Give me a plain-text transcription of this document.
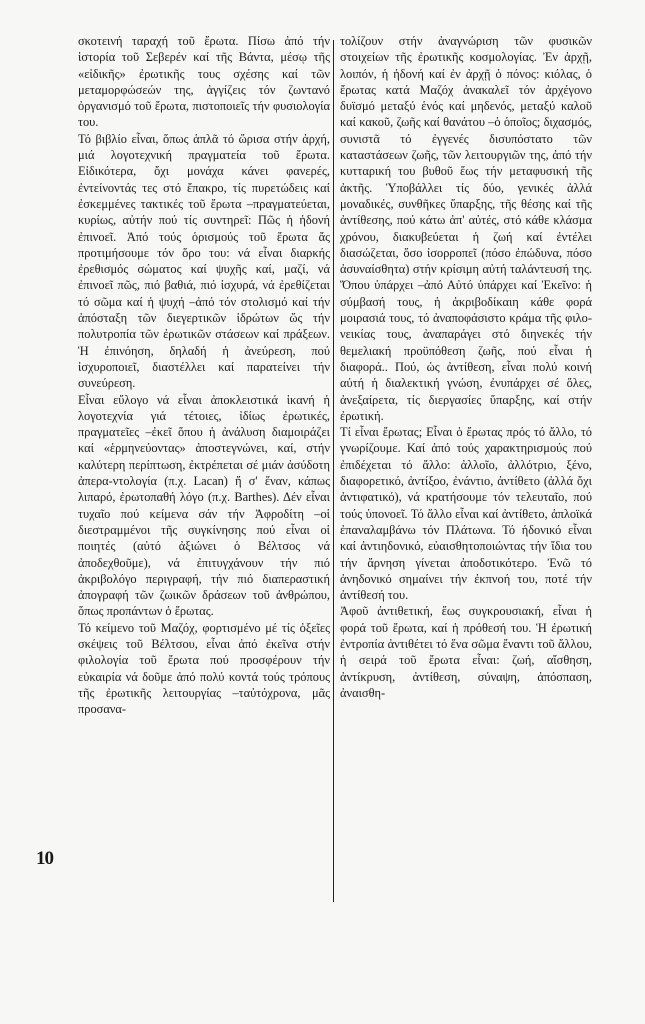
σκοτεινή ταραχή τοῦ ἔρωτα. Πίσω ἀπό τήν ἱστορία τοῦ Σεβερέν καί τῆς Βάντα, μέσῳ τῆς «εἰδικῆς» ἐρωτικῆς τους σχέσης καί τῶν μεταμορφώσεών της, ἀγγίζεις τόν ζωντανό ὀργανισμό τοῦ ἔρωτα, πιστοποιεῖς τήν φυσιολογία του.

Τό βιβλίο εἶναι, ὅπως ἁπλᾶ τό ὥρισα στήν ἀρχή, μιά λογοτεχνική πραγματεία τοῦ ἔρωτα. Εἰδικότερα, ὄχι μονάχα κάνει φανερές, ἐντείνοντάς τες στό ἔπακρο, τίς πυρετώδεις καί ἐσκεμμένες τακτικές τοῦ ἔρωτα –πραγματεύεται, κυρίως, αὐτήν πού τίς συντηρεῖ: Πῶς ἡ ἡδονή ἐπινοεῖ. Ἀπό τούς ὁρισμούς τοῦ ἔρωτα ἄς προτιμήσουμε τόν ὅρο του: νά εἶναι διαρκής ἐρεθισμός σώματος καί ψυχῆς καί, μαζί, νά ἐπινοεῖ πῶς, πιό βαθιά, πιό ἰσχυρά, νά ἐρεθίζεται τό σῶμα καί ἡ ψυχή –ἀπό τόν στολισμό καί τήν ἀπόσταξη τῶν διεγερτικῶν ἱδρώτων ὥς τήν πολυτροπία τῶν ἐρωτικῶν στάσεων καί πράξεων. Ἡ ἐπινόηση, δηλαδή ἡ ἀνεύρεση, πού ἰσχυροποιεῖ, διαστέλλει καί παρατείνει τήν συνεύρεση.

Εἶναι εὔλογο νά εἶναι ἀποκλειστικά ἱκανή ἡ λογοτεχνία γιά τέτοιες, ἰδίως ἐρωτικές, πραγματεῖες –ἐκεῖ ὅπου ἡ ἀνάλυση διαμοιράζει καί «ἑρμηνεύοντας» ἀποστεγνώνει, καί, στήν καλύτερη περίπτωση, ἐκτρέπεται σέ μιάν ἀσύδοτη ἀπερα-ντολογία (π.χ. Lacan) ἤ σ' ἕναν, κάπως λιπαρό, ἐρωτοπαθή λόγο (π.χ. Barthes). Δέν εἶναι τυχαῖο πού κείμενα σάν τήν Ἀφροδίτη –οἱ διεστραμμένοι τῆς συγκίνησης πού εἶναι οἱ ποιητές (αὐτό ἀξιώνει ὁ Βέλτσος νά ἀποδεχθοῦμε), νά ἐπιτυγχάνουν τήν πιό ἀκριβολόγο περιγραφή, τήν πιό διαπεραστική ἀπογραφή τῶν ζωικῶν δράσεων τοῦ ἀνθρώπου, ὅπως προπάντων ὁ ἔρωτας.

Τό κείμενο τοῦ Μαζόχ, φορτισμένο μέ τίς ὀξεῖες σκέψεις τοῦ Βέλτσου, εἶναι ἀπό ἐκεῖνα στήν φιλολογία τοῦ ἔρωτα πού προσφέρουν τήν εὐκαιρία νά δοῦμε ἀπό πολύ κοντά τούς τρόπους τῆς ἐρωτικῆς λειτουργίας –ταὐτόχρονα, μᾶς προσανα-

τολίζουν στήν ἀναγνώριση τῶν φυσικῶν στοιχείων τῆς ἐρωτικῆς κοσμολογίας. Ἐν ἀρχῇ, λοιπόν, ἡ ἡδονή καί ἐν ἀρχῇ ὁ πόνος: κιόλας, ὁ ἔρωτας κατά Μαζόχ ἀνακαλεῖ τόν ἀρχέγονο δυϊσμό μεταξύ ἑνός καί μηδενός, μεταξύ καλοῦ καί κακοῦ, ζωῆς καί θανάτου –ὁ ὁποῖος; διχασμός, συνιστᾶ τό ἐγγενές δισυπόστατο τῶν καταστάσεων ζωῆς, τῶν λειτουργιῶν της, ἀπό τήν κυτταρική του βυθοῦ ἕως τήν μεταφυσική τῆς ἀκτῆς. Ὑποβάλλει τίς δύο, γενικές ἀλλά μοναδικές, συνθῆκες ὕπαρξης, τῆς θέσης καί τῆς ἀντίθεσης, πού κάτω ἀπ' αὐτές, στό κάθε κλάσμα χρόνου, διακυβεύεται ἡ ζωή καί ἐντέλει διασώζεται, ὅσο ἰσορροπεῖ (πόσο ἐπώδυνα, πόσο ἀσυναίσθητα) στήν κρίσιμη αὐτή ταλάντευσή της. Ὅπου ὑπάρχει –ἀπό Αὐτό ὑπάρχει καί Ἐκεῖνο: ἡ σύμβασή τους, ἡ ἀκριβοδίκαιη κάθε φορά μοιρασιά τους, τό ἀναποφάσιστο κράμα τῆς φιλο-νεικίας τους, ἀναπαράγει στό διηνεκές τήν θεμελιακή προϋπόθεση ζωῆς, πού εἶναι ἡ διαφορά.. Πού, ὡς ἀντίθεση, εἶναι πολύ κοινή αὐτή ἡ διαλεκτική γνώση, ἐνυπάρχει σέ ὅλες, ἀνεξαίρετα, τίς διεργασίες ὕπαρξης, καί στήν ἐρωτική.

Τί εἶναι ἔρωτας; Εἶναι ὁ ἔρωτας πρός τό ἄλλο, τό γνωρίζουμε. Καί ἀπό τούς χαρακτηρισμούς πού ἐπιδέχεται τό ἄλλο: ἀλλοῖο, ἀλλότριο, ξένο, διαφορετικό, ἀντίξοο, ἐνάντιο, ἀντίθετο (ἀλλά ὄχι ἀντιφατικό), νά κρατήσουμε τόν τελευταῖο, πού τούς ὑπονοεῖ. Τό ἄλλο εἶναι καί ἀντίθετο, ἁπλοϊκά ἐπαναλαμβάνω τόν Πλάτωνα. Τό ἡδονικό εἶναι καί ἀντιηδονικό, εὐαισθητοποιώντας τήν ἴδια του τήν ἄρνηση γίνεται ἀποδοτικότερο. Ἐνῶ τό ἀνηδονικό σημαίνει τήν ἐκπνοή του, ποτέ τήν ἀντίθεσή του.

Ἀφοῦ ἀντιθετική, ἕως συγκρουσιακή, εἶναι ἡ φορά τοῦ ἔρωτα, καί ἡ πρόθεσή του. Ἡ ἐρωτική ἐντροπία ἀντιθέτει τό ἕνα σῶμα ἔναντι τοῦ ἄλλου, ἡ σειρά τοῦ ἔρωτα εἶναι: ζωή, αἴσθηση, ἀντίκρυση, ἀντίθεση, σύναψη, ἀπόσπαση, ἀναισθη-

10
